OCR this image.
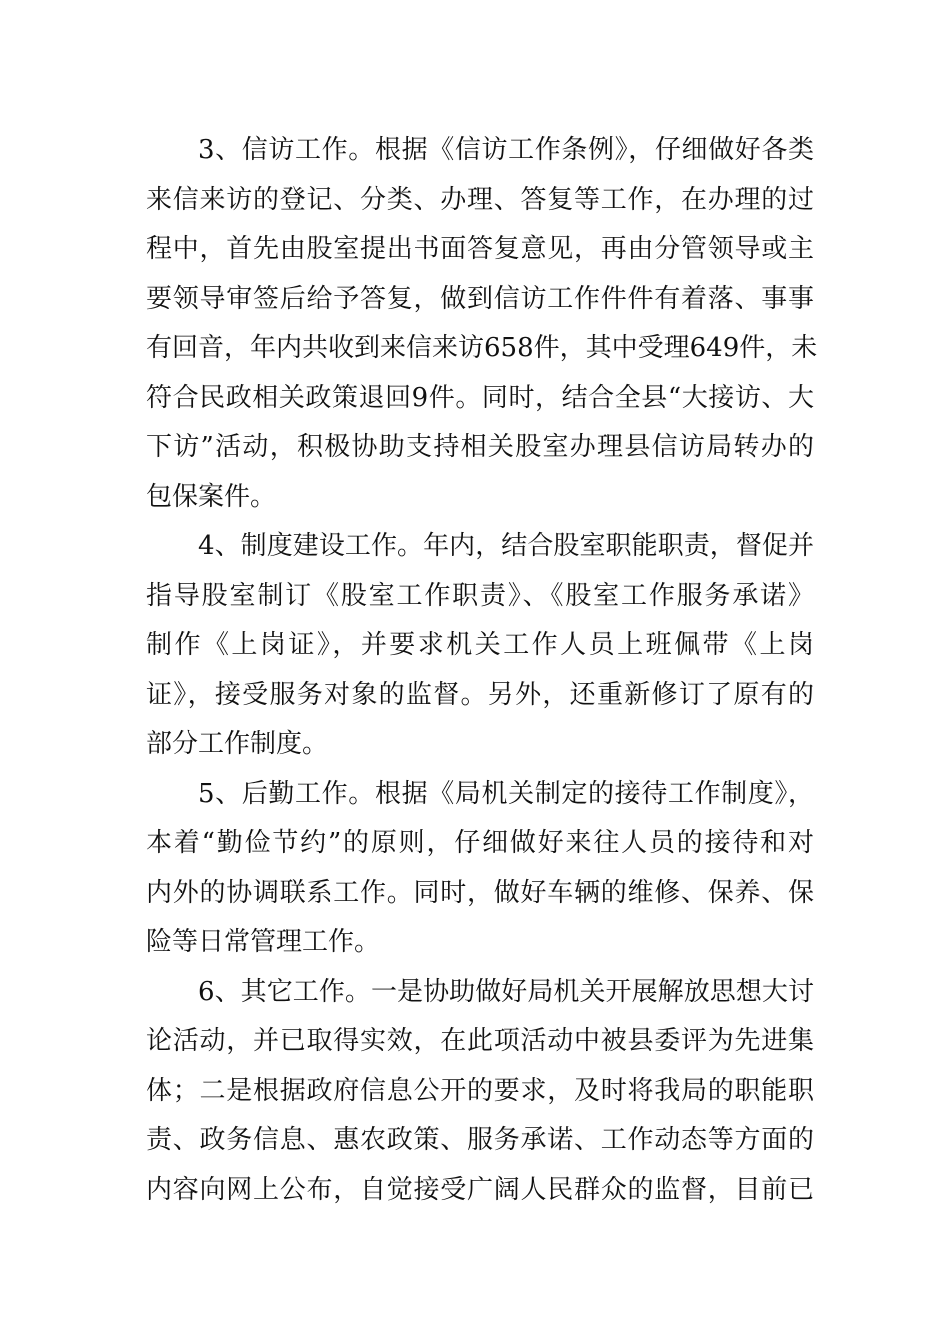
3、信访工作。根据《信访工作条例》，仔细做好各类
来信来访的登记、分类、办理、答复等工作，在办理的过
程中，首先由股室提出书面答复意见，再由分管领导或主
要领导审签后给予答复，做到信访工作件件有着落、事事
有回音，年内共收到来信来访658件，其中受理649件，未
符合民政相关政策退回9件。同时，结合全县“大接访、大
下访”活动，积极协助支持相关股室办理县信访局转办的
包保案件。
4、制度建设工作。年内，结合股室职能职责，督促并
指导股室制订《股室工作职责》、《股室工作服务承诺》
制作《上岗证》，并要求机关工作人员上班佩带《上岗
证》，接受服务对象的监督。另外，还重新修订了原有的
部分工作制度。
5、后勤工作。根据《局机关制定的接待工作制度》，
本着“勤俭节约”的原则，仔细做好来往人员的接待和对
内外的协调联系工作。同时，做好车辆的维修、保养、保
险等日常管理工作。
6、其它工作。一是协助做好局机关开展解放思想大讨
论活动，并已取得实效，在此项活动中被县委评为先进集
体；二是根据政府信息公开的要求，及时将我局的职能职
责、政务信息、惠农政策、服务承诺、工作动态等方面的
内容向网上公布，自觉接受广阔人民群众的监督，目前已
